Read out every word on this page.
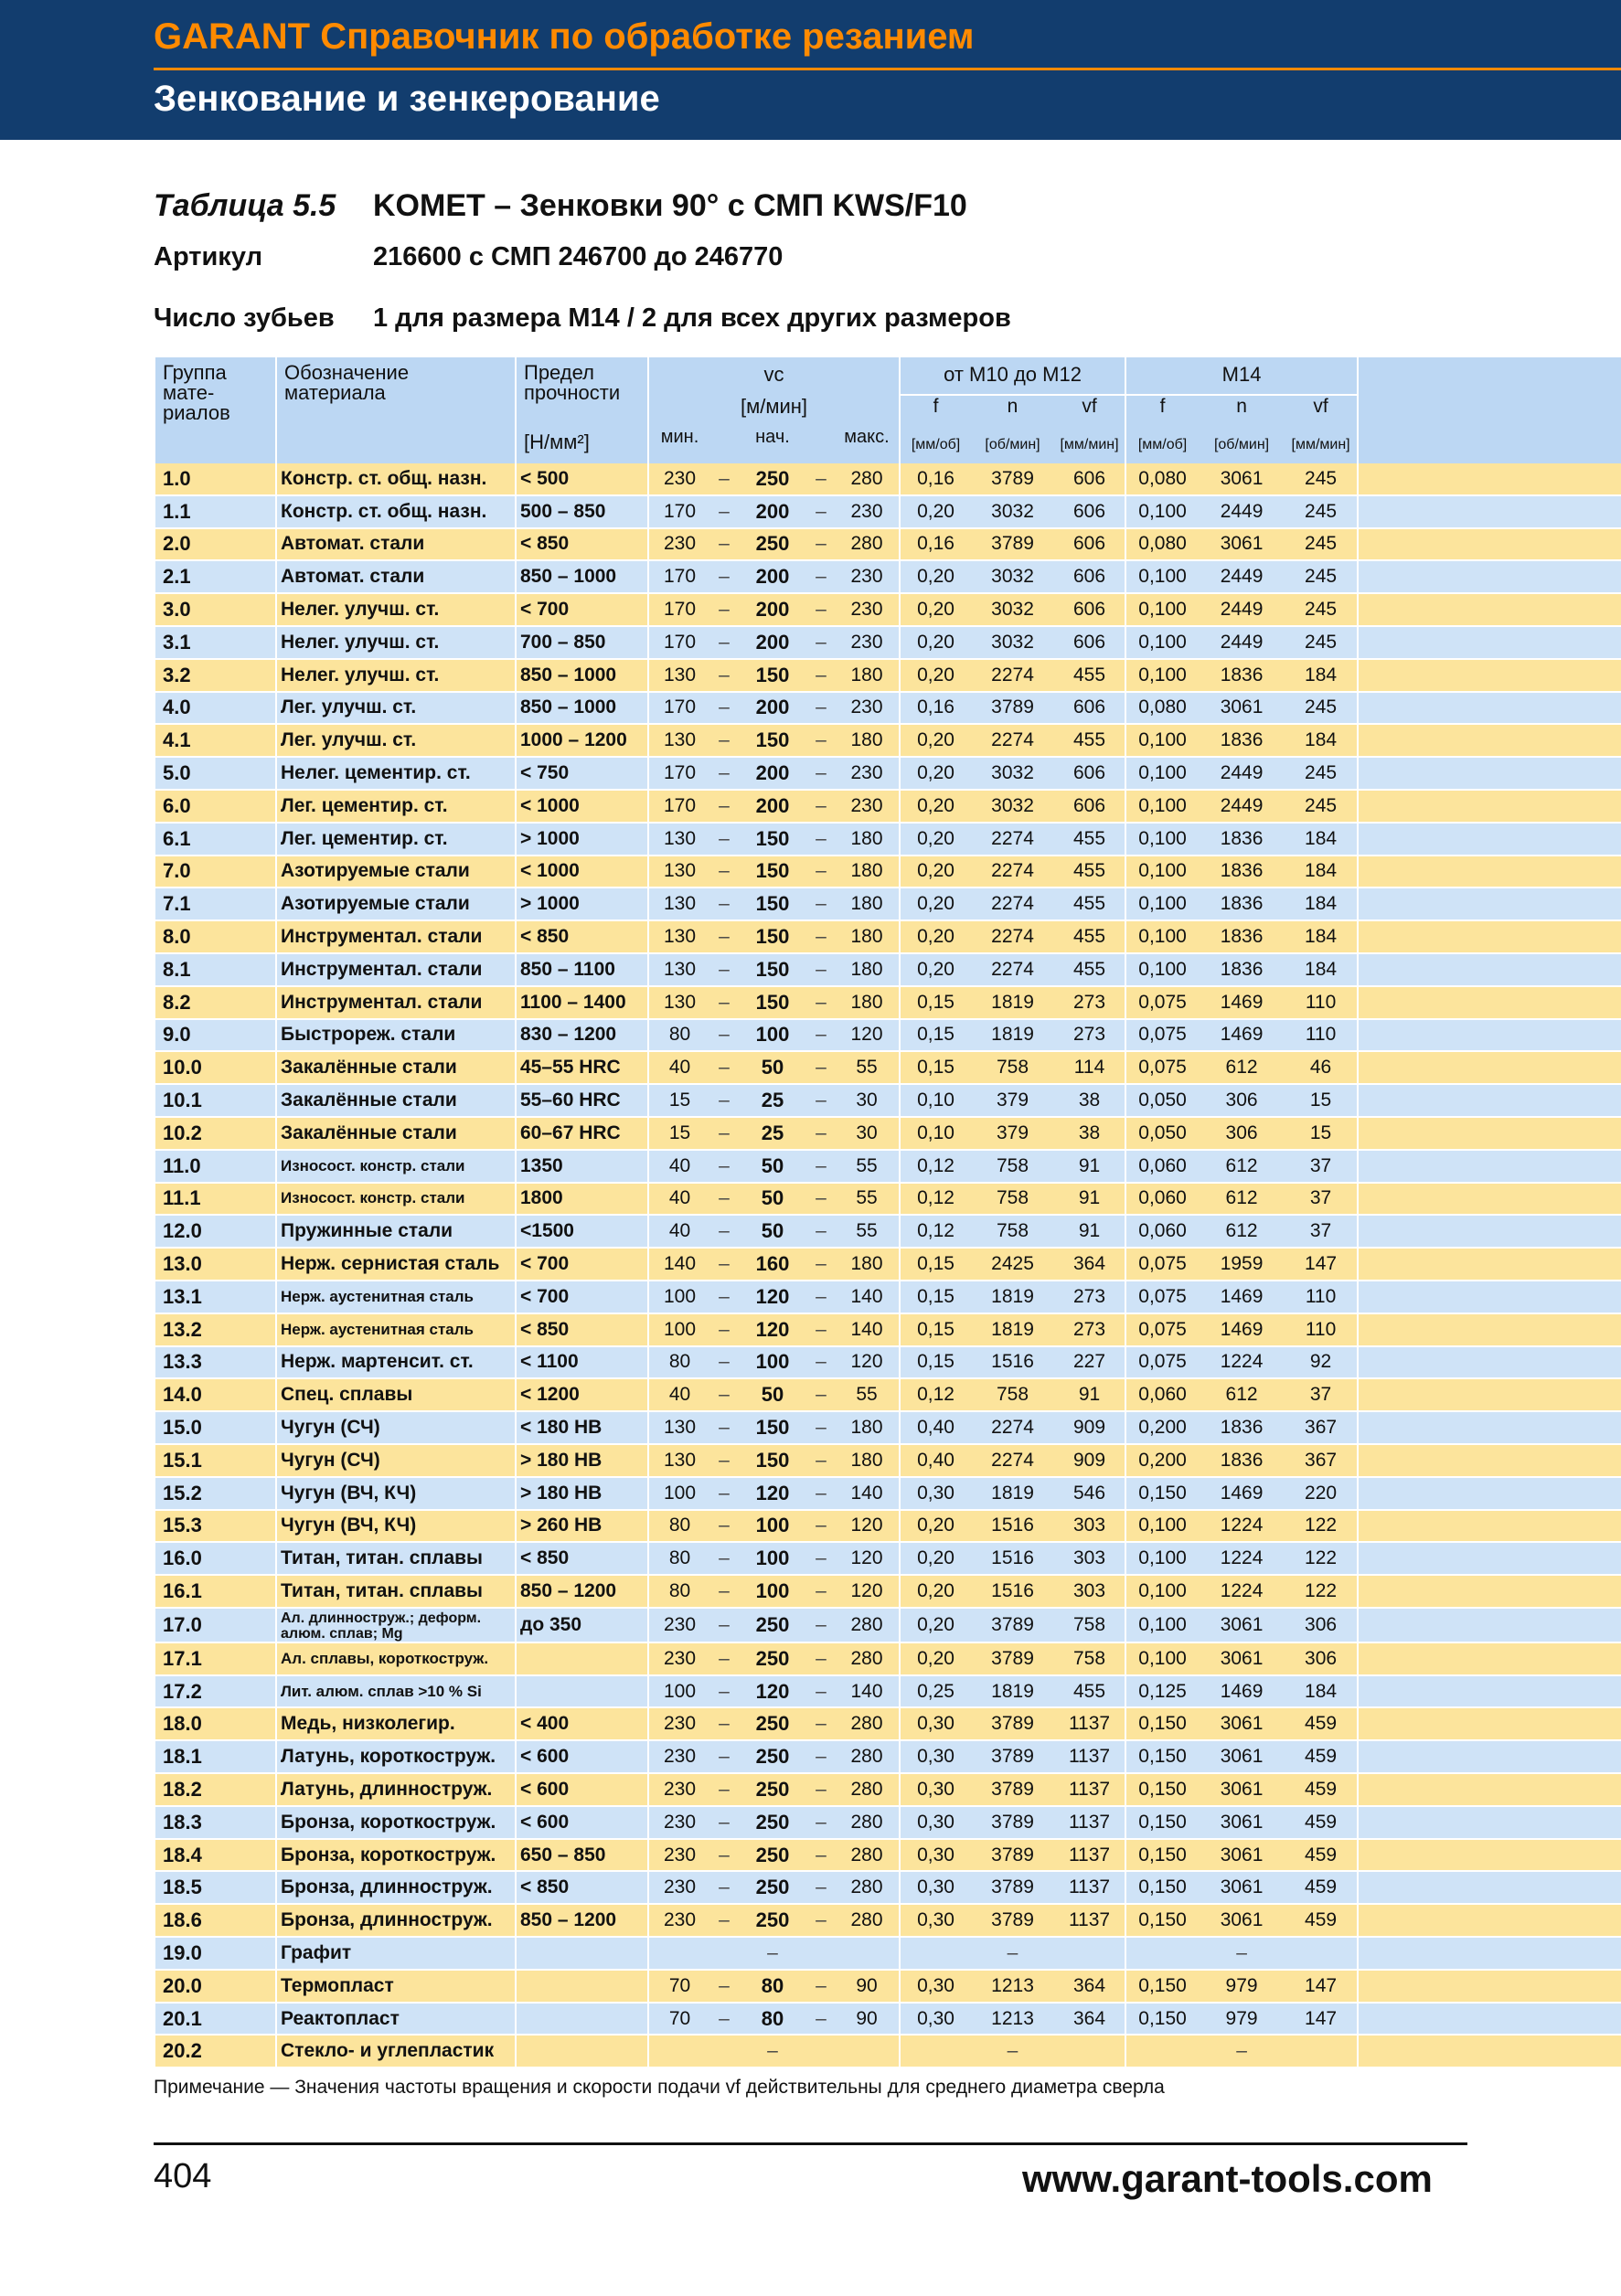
GARANT Справочник по обработке резанием
Зенкование и зенкерование
Таблица 5.5 KOMET – Зенковки 90° с СМП KWS/F10
Артикул	216600 с СМП 246700 до 246770
Число зубьев 1 для размера M14 / 2 для всех других размеров
Группа мате-риалов	Обозначение материала	Предел прочности	vc					от M10 до M12			M14			
			[м/мин]					f	n	vf	f	n	vf	
		[Н/мм²]	мин.		нач.		макс.	[мм/об]	[об/мин]	[мм/мин]	[мм/об]	[об/мин]	[мм/мин]	
1.0	Констр. ст. общ. назн.	< 500	230	–	250	–	280	0,16	3789	606	0,080	3061	245	
1.1	Констр. ст. общ. назн.	500 – 850	170	–	200	–	230	0,20	3032	606	0,100	2449	245	
2.0	Автомат. стали	< 850	230	–	250	–	280	0,16	3789	606	0,080	3061	245	
2.1	Автомат. стали	850 – 1000	170	–	200	–	230	0,20	3032	606	0,100	2449	245	
3.0	Нелег. улучш. ст.	< 700	170	–	200	–	230	0,20	3032	606	0,100	2449	245	
3.1	Нелег. улучш. ст.	700 – 850	170	–	200	–	230	0,20	3032	606	0,100	2449	245	
3.2	Нелег. улучш. ст.	850 – 1000	130	–	150	–	180	0,20	2274	455	0,100	1836	184	
4.0	Лег. улучш. ст.	850 – 1000	170	–	200	–	230	0,16	3789	606	0,080	3061	245	
4.1	Лег. улучш. ст.	1000 – 1200	130	–	150	–	180	0,20	2274	455	0,100	1836	184	
5.0	Нелег. цементир. ст.	< 750	170	–	200	–	230	0,20	3032	606	0,100	2449	245	
6.0	Лег. цементир. ст.	< 1000	170	–	200	–	230	0,20	3032	606	0,100	2449	245	
6.1	Лег. цементир. ст.	> 1000	130	–	150	–	180	0,20	2274	455	0,100	1836	184	
7.0	Азотируемые стали	< 1000	130	–	150	–	180	0,20	2274	455	0,100	1836	184	
7.1	Азотируемые стали	> 1000	130	–	150	–	180	0,20	2274	455	0,100	1836	184	
8.0	Инструментал. стали	< 850	130	–	150	–	180	0,20	2274	455	0,100	1836	184	
8.1	Инструментал. стали	850 – 1100	130	–	150	–	180	0,20	2274	455	0,100	1836	184	
8.2	Инструментал. стали	1100 – 1400	130	–	150	–	180	0,15	1819	273	0,075	1469	110	
9.0	Быстрореж. стали	830 – 1200	80	–	100	–	120	0,15	1819	273	0,075	1469	110	
10.0	Закалённые стали	45–55 HRC	40	–	50	–	55	0,15	758	114	0,075	612	46	
10.1	Закалённые стали	55–60 HRC	15	–	25	–	30	0,10	379	38	0,050	306	15	
10.2	Закалённые стали	60–67 HRC	15	–	25	–	30	0,10	379	38	0,050	306	15	
11.0	Износост. констр. стали	1350	40	–	50	–	55	0,12	758	91	0,060	612	37	
11.1	Износост. констр. стали	1800	40	–	50	–	55	0,12	758	91	0,060	612	37	
12.0	Пружинные стали	<1500	40	–	50	–	55	0,12	758	91	0,060	612	37	
13.0	Нерж. сернистая сталь	< 700	140	–	160	–	180	0,15	2425	364	0,075	1959	147	
13.1	Нерж. аустенитная сталь	< 700	100	–	120	–	140	0,15	1819	273	0,075	1469	110	
13.2	Нерж. аустенитная сталь	< 850	100	–	120	–	140	0,15	1819	273	0,075	1469	110	
13.3	Нерж. мартенсит. ст.	< 1100	80	–	100	–	120	0,15	1516	227	0,075	1224	92	
14.0	Спец. сплавы	< 1200	40	–	50	–	55	0,12	758	91	0,060	612	37	
15.0	Чугун (СЧ)	< 180 HB	130	–	150	–	180	0,40	2274	909	0,200	1836	367	
15.1	Чугун (СЧ)	> 180 HB	130	–	150	–	180	0,40	2274	909	0,200	1836	367	
15.2	Чугун (ВЧ, КЧ)	> 180 HB	100	–	120	–	140	0,30	1819	546	0,150	1469	220	
15.3	Чугун (ВЧ, КЧ)	> 260 HB	80	–	100	–	120	0,20	1516	303	0,100	1224	122	
16.0	Титан, титан. сплавы	< 850	80	–	100	–	120	0,20	1516	303	0,100	1224	122	
16.1	Титан, титан. сплавы	850 – 1200	80	–	100	–	120	0,20	1516	303	0,100	1224	122	
17.0	Ал. длинноструж.; деформ. алюм. сплав; Mg	до 350	230	–	250	–	280	0,20	3789	758	0,100	3061	306	
17.1	Ал. сплавы, короткоструж.		230	–	250	–	280	0,20	3789	758	0,100	3061	306	
17.2	Лит. алюм. сплав >10 % Si		100	–	120	–	140	0,25	1819	455	0,125	1469	184	
18.0	Медь, низколегир.	< 400	230	–	250	–	280	0,30	3789	1137	0,150	3061	459	
18.1	Латунь, короткоструж.	< 600	230	–	250	–	280	0,30	3789	1137	0,150	3061	459	
18.2	Латунь, длинноструж.	< 600	230	–	250	–	280	0,30	3789	1137	0,150	3061	459	
18.3	Бронза, короткоструж.	< 600	230	–	250	–	280	0,30	3789	1137	0,150	3061	459	
18.4	Бронза, короткоструж.	650 – 850	230	–	250	–	280	0,30	3789	1137	0,150	3061	459	
18.5	Бронза, длинноструж.	< 850	230	–	250	–	280	0,30	3789	1137	0,150	3061	459	
18.6	Бронза, длинноструж.	850 – 1200	230	–	250	–	280	0,30	3789	1137	0,150	3061	459	
19.0	Графит				–				–			–		
20.0	Термопласт		70	–	80	–	90	0,30	1213	364	0,150	979	147	
20.1	Реактопласт		70	–	80	–	90	0,30	1213	364	0,150	979	147	
20.2	Стекло- и углепластик				–				–			–		
Примечание — Значения частоты вращения и скорости подачи vf действительны для среднего диаметра сверла
404	www.garant-tools.com
